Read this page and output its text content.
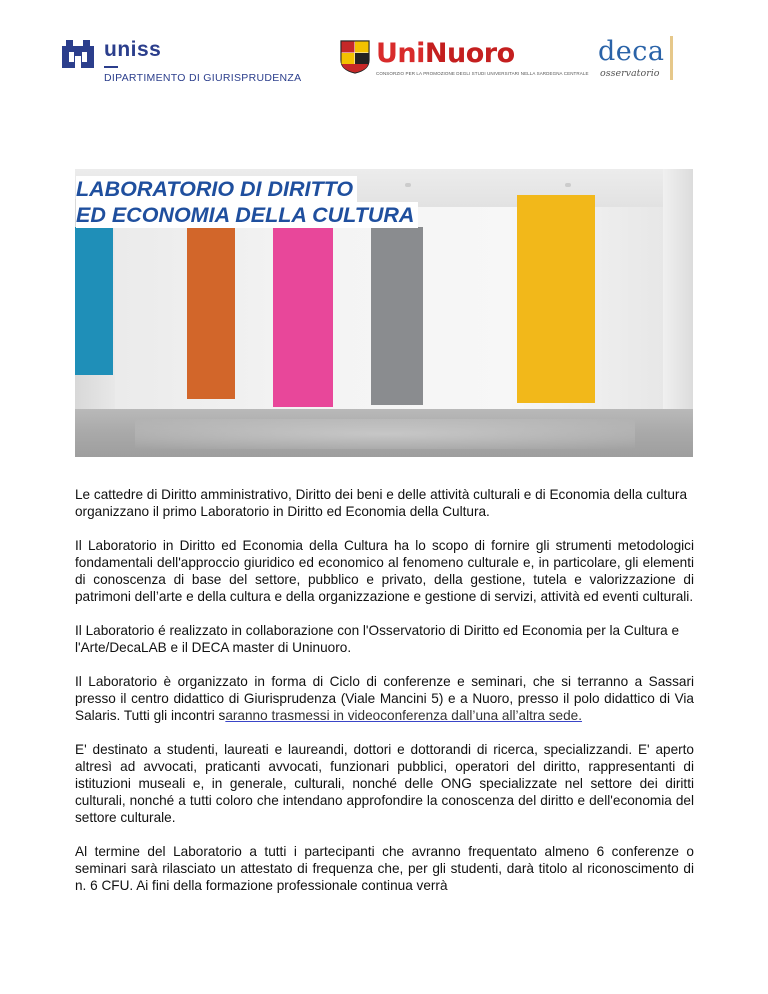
uniss
DIPARTIMENTO DI GIURISPRUDENZA
UniNuoro
CONSORZIO PER LA PROMOZIONE DEGLI STUDI UNIVERSITARI NELLA SARDEGNA CENTRALE
deca
osservatorio
LABORATORIO DI DIRITTO
ED ECONOMIA DELLA CULTURA

Le cattedre di Diritto amministrativo, Diritto dei beni e delle attività culturali e di Economia della cultura organizzano il primo Laboratorio in Diritto ed Economia della Cultura.

Il Laboratorio in Diritto ed Economia della Cultura ha lo scopo di fornire gli strumenti metodologici fondamentali dell'approccio giuridico ed economico al fenomeno culturale e, in particolare, gli elementi di conoscenza di base del settore, pubblico e privato, della gestione, tutela e valorizzazione di patrimoni dell’arte e della cultura e della organizzazione e gestione di servizi, attività ed eventi culturali.

Il Laboratorio é realizzato in collaborazione con l'Osservatorio di Diritto ed Economia per la Cultura e l'Arte/DecaLAB e il DECA master di Uninuoro.

Il Laboratorio è organizzato in forma di Ciclo di conferenze e seminari, che si terranno a Sassari presso il centro didattico di Giurisprudenza (Viale Mancini 5) e a Nuoro, presso il polo didattico di Via Salaris. Tutti gli incontri saranno trasmessi in videoconferenza dall’una all’altra sede.

E' destinato a studenti, laureati e laureandi, dottori e dottorandi di ricerca, specializzandi. E' aperto altresì ad avvocati, praticanti avvocati, funzionari pubblici, operatori del diritto, rappresentanti di istituzioni museali e, in generale, culturali, nonché delle ONG specializzate nel settore dei diritti culturali, nonché a tutti coloro che intendano approfondire la conoscenza del diritto e dell'economia del settore culturale.

Al termine del Laboratorio a tutti i partecipanti che avranno frequentato almeno 6 conferenze o seminari sarà rilasciato un attestato di frequenza che, per gli studenti, darà titolo al riconoscimento di n. 6 CFU. Ai fini della formazione professionale continua verrà
